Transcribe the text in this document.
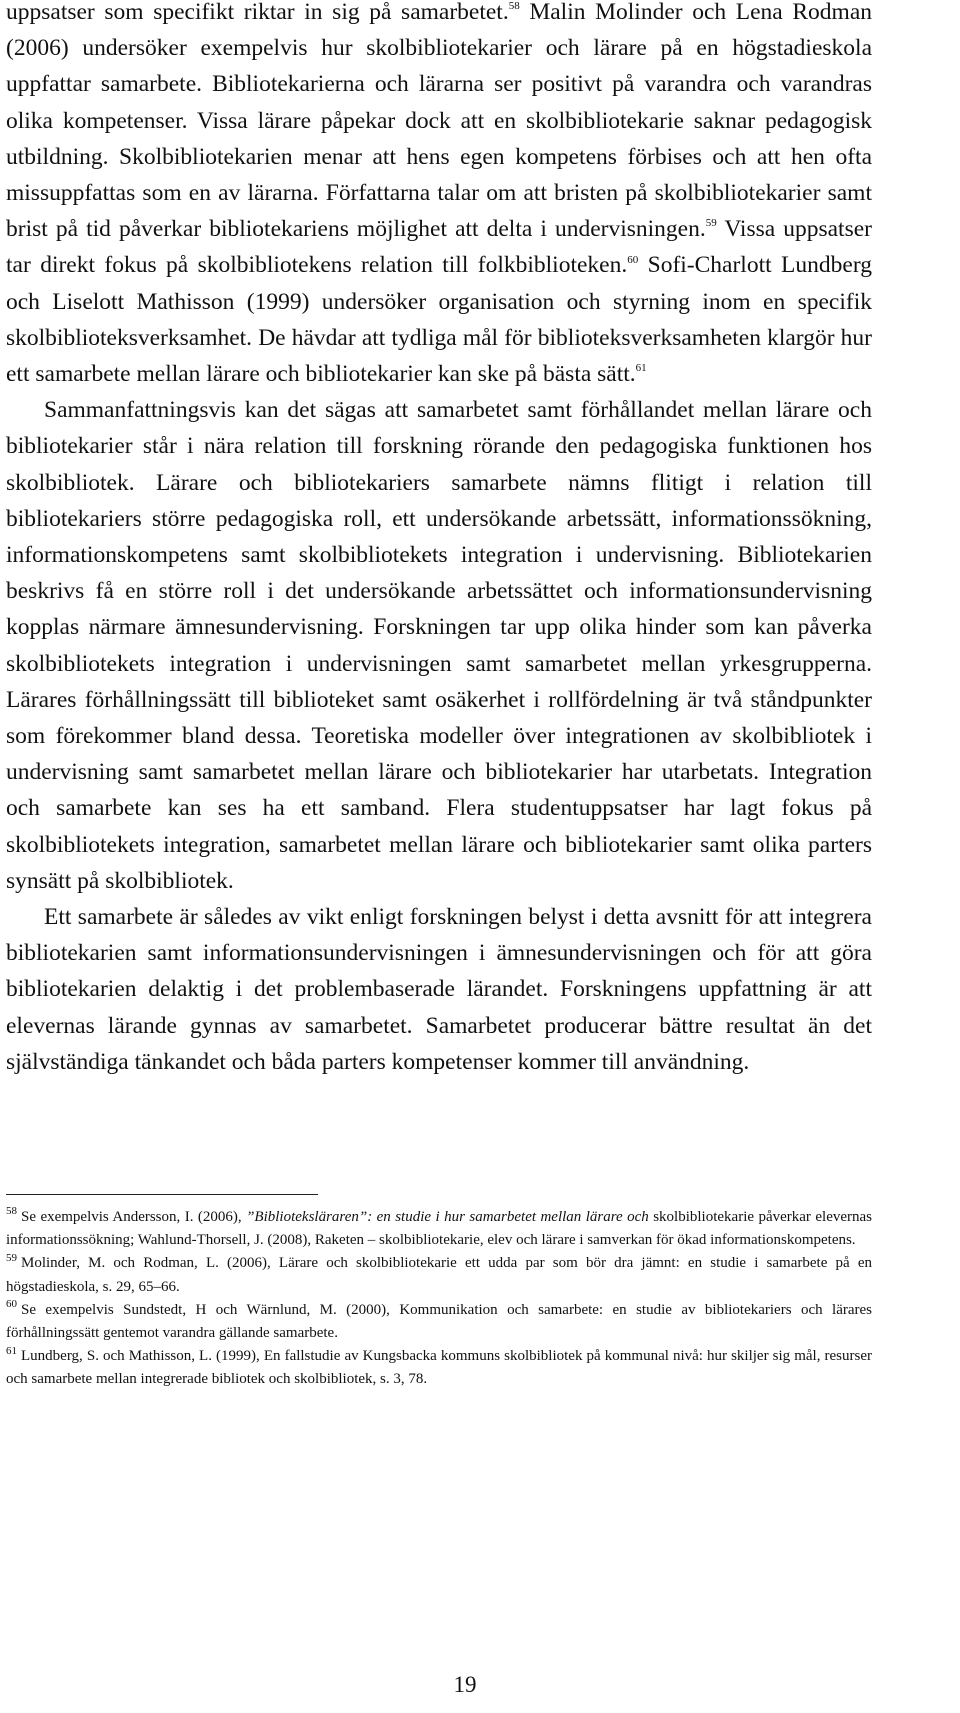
uppsatser som specifikt riktar in sig på samarbetet.$^{58}$ Malin Molinder och Lena Rodman (2006) undersöker exempelvis hur skolbibliotekarier och lärare på en högstadieskola uppfattar samarbete. Bibliotekarierna och lärarna ser positivt på varandra och varandras olika kompetenser. Vissa lärare påpekar dock att en skolbibliotekarie saknar pedagogisk utbildning. Skolbibliotekarien menar att hens egen kompetens förbises och att hen ofta missuppfattas som en av lärarna. Författarna talar om att bristen på skolbibliotekarier samt brist på tid påverkar bibliotekariens möjlighet att delta i undervisningen.$^{59}$ Vissa uppsatser tar direkt fokus på skolbibliotekens relation till folkbiblioteken.$^{60}$ Sofi-Charlott Lundberg och Liselott Mathisson (1999) undersöker organisation och styrning inom en specifik skolbiblioteksverksamhet. De hävdar att tydliga mål för biblioteksverksamheten klargör hur ett samarbete mellan lärare och bibliotekarier kan ske på bästa sätt.$^{61}$

Sammanfattningsvis kan det sägas att samarbetet samt förhållandet mellan lärare och bibliotekarier står i nära relation till forskning rörande den pedagogiska funktionen hos skolbibliotek. Lärare och bibliotekariers samarbete nämns flitigt i relation till bibliotekariers större pedagogiska roll, ett undersökande arbetssätt, informationssökning, informationskompetens samt skolbibliotekets integration i undervisning. Bibliotekarien beskrivs få en större roll i det undersökande arbetssättet och informationsundervisning kopplas närmare ämnesundervisning. Forskningen tar upp olika hinder som kan påverka skolbibliotekets integration i undervisningen samt samarbetet mellan yrkesgrupperna. Lärares förhållningssätt till biblioteket samt osäkerhet i rollfördelning är två ståndpunkter som förekommer bland dessa. Teoretiska modeller över integrationen av skolbibliotek i undervisning samt samarbetet mellan lärare och bibliotekarier har utarbetats. Integration och samarbete kan ses ha ett samband. Flera studentuppsatser har lagt fokus på skolbibliotekets integration, samarbetet mellan lärare och bibliotekarier samt olika parters synsätt på skolbibliotek.

Ett samarbete är således av vikt enligt forskningen belyst i detta avsnitt för att integrera bibliotekarien samt informationsundervisningen i ämnesundervisningen och för att göra bibliotekarien delaktig i det problembaserade lärandet. Forskningens uppfattning är att elevernas lärande gynnas av samarbetet. Samarbetet producerar bättre resultat än det självständiga tänkandet och båda parters kompetenser kommer till användning.

$^{58}$ Se exempelvis Andersson, I. (2006), ”Biblioteksläraren”: en studie i hur samarbetet mellan lärare och skolbibliotekarie påverkar elevernas informationssökning; Wahlund-Thorsell, J. (2008), Raketen – skolbibliotekarie, elev och lärare i samverkan för ökad informationskompetens.

$^{59}$ Molinder, M. och Rodman, L. (2006), Lärare och skolbibliotekarie ett udda par som bör dra jämnt: en studie i samarbete på en högstadieskola, s. 29, 65–66.

$^{60}$ Se exempelvis Sundstedt, H och Wärnlund, M. (2000), Kommunikation och samarbete: en studie av bibliotekariers och lärares förhållningssätt gentemot varandra gällande samarbete.

$^{61}$ Lundberg, S. och Mathisson, L. (1999), En fallstudie av Kungsbacka kommuns skolbibliotek på kommunal nivå: hur skiljer sig mål, resurser och samarbete mellan integrerade bibliotek och skolbibliotek, s. 3, 78.

19
